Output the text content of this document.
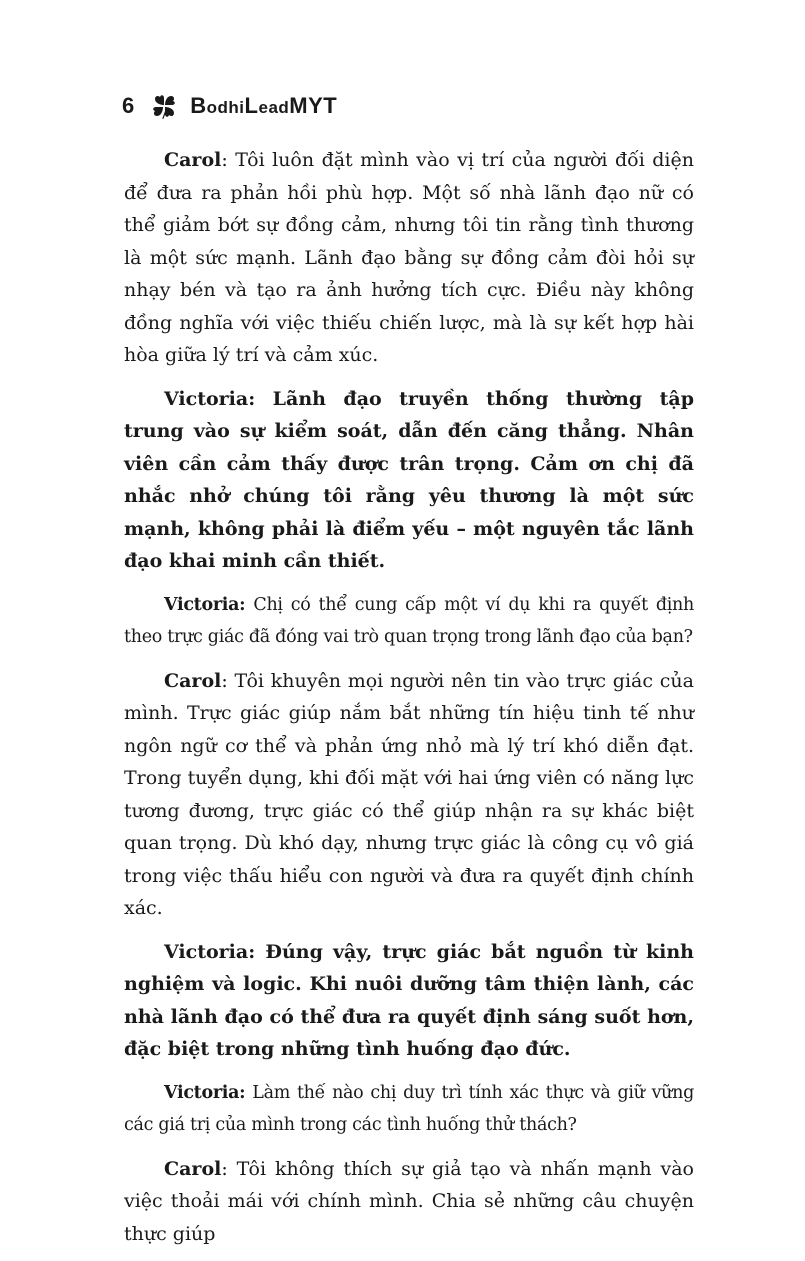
6	BodhiLeadMYT

Carol: Tôi luôn đặt mình vào vị trí của người đối diện để đưa ra phản hồi phù hợp. Một số nhà lãnh đạo nữ có thể giảm bớt sự đồng cảm, nhưng tôi tin rằng tình thương là một sức mạnh. Lãnh đạo bằng sự đồng cảm đòi hỏi sự nhạy bén và tạo ra ảnh hưởng tích cực. Điều này không đồng nghĩa với việc thiếu chiến lược, mà là sự kết hợp hài hòa giữa lý trí và cảm xúc.

Victoria: Lãnh đạo truyền thống thường tập trung vào sự kiểm soát, dẫn đến căng thẳng. Nhân viên cần cảm thấy được trân trọng. Cảm ơn chị đã nhắc nhở chúng tôi rằng yêu thương là một sức mạnh, không phải là điểm yếu – một nguyên tắc lãnh đạo khai minh cần thiết.

Victoria: Chị có thể cung cấp một ví dụ khi ra quyết định theo trực giác đã đóng vai trò quan trọng trong lãnh đạo của bạn?

Carol: Tôi khuyên mọi người nên tin vào trực giác của mình. Trực giác giúp nắm bắt những tín hiệu tinh tế như ngôn ngữ cơ thể và phản ứng nhỏ mà lý trí khó diễn đạt. Trong tuyển dụng, khi đối mặt với hai ứng viên có năng lực tương đương, trực giác có thể giúp nhận ra sự khác biệt quan trọng. Dù khó dạy, nhưng trực giác là công cụ vô giá trong việc thấu hiểu con người và đưa ra quyết định chính xác.

Victoria: Đúng vậy, trực giác bắt nguồn từ kinh nghiệm và logic. Khi nuôi dưỡng tâm thiện lành, các nhà lãnh đạo có thể đưa ra quyết định sáng suốt hơn, đặc biệt trong những tình huống đạo đức.

Victoria: Làm thế nào chị duy trì tính xác thực và giữ vững các giá trị của mình trong các tình huống thử thách?

Carol: Tôi không thích sự giả tạo và nhấn mạnh vào việc thoải mái với chính mình. Chia sẻ những câu chuyện thực giúp
